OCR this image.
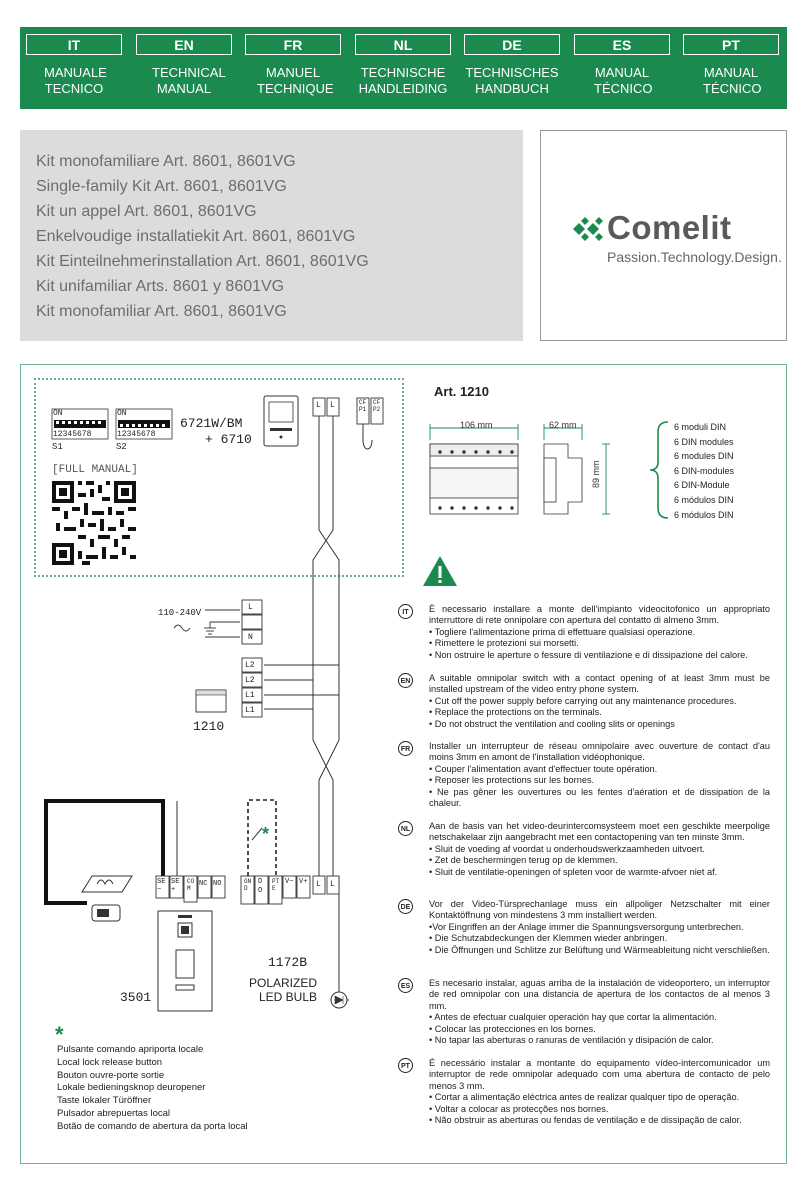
IT
MANUALE TECNICO
EN
TECHNICAL MANUAL
FR
MANUEL TECHNIQUE
NL
TECHNISCHE HANDLEIDING
DE
TECHNISCHES HANDBUCH
ES
MANUAL TÉCNICO
PT
MANUAL TÉCNICO

Kit monofamiliare Art. 8601, 8601VG

Single-family Kit Art. 8601, 8601VG

Kit un appel Art. 8601, 8601VG

Enkelvoudige installatiekit Art. 8601, 8601VG

Kit Einteilnehmerinstallation Art. 8601, 8601VG

Kit unifamiliar Arts. 8601 y 8601VG

Kit monofamiliar Art. 8601, 8601VG

Comelit
Passion.Technology.Design.
ON	ON
12345678	12345678
S1	S2
6721W/BM
+ 6710
[FULL MANUAL]
110-240V
1210
3501
1172B
POLARIZED
LED BULB
*
L L	CFP1
CFP2
L
N
L2
L2
L1
L1
SE−
SE+
COM
NC NO	GND
DO
PTE
V− V+ L L
Art. 1210
106 mm	62 mm
89 mm
6 moduli DIN
6 DIN modules
6 modules DIN
6 DIN-modules
6 DIN-Module
6 módulos DIN
6 módulos DIN
IT	È necessario installare a monte dell'impianto videocitofonico un appropriato interruttore di rete onnipolare con apertura del contatto di almeno 3mm.
• Togliere l'alimentazione prima di effettuare qualsiasi operazione.
• Rimettere le protezioni sui morsetti.
• Non ostruire le aperture o fessure di ventilazione e di dissipazione del calore.
EN A suitable omnipolar switch with a contact opening of at least 3mm must be installed upstream of the video entry phone system.
• Cut off the power supply before carrying out any maintenance procedures.
• Replace the protections on the terminals.
• Do not obstruct the ventilation and cooling slits or openings
FR	Installer un interrupteur de réseau omnipolaire avec ouverture de contact d'au moins 3mm en amont de l'installation vidéophonique.
• Couper l'alimentation avant d'effectuer toute opération.
• Reposer les protections sur les bornes.
• Ne pas gêner les ouvertures ou les fentes d'aération et de dissipation de la chaleur.
NL	Aan de basis van het video-deurintercomsysteem moet een geschikte meerpolige netschakelaar zijn aangebracht met een contactopening van ten minste 3mm.
• Sluit de voeding af voordat u onderhoudswerkzaamheden uitvoert.
• Zet de beschermingen terug op de klemmen.
• Sluit de ventilatie-openingen of spleten voor de warmte-afvoer niet af.
DE Vor der Video-Türsprechanlage muss ein allpoliger Netzschalter mit einer Kontaktöffnung von mindestens 3 mm installiert werden.
•Vor Eingriffen an der Anlage immer die Spannungsversorgung unterbrechen.
• Die Schutzabdeckungen der Klemmen wieder anbringen.
• Die Öffnungen und Schlitze zur Belüftung und Wärmeableitung nicht verschließen.
ES	Es necesario instalar, aguas arriba de la instalación de videoportero, un interruptor de red omnipolar con una distancia de apertura de los contactos de al menos 3 mm.
• Antes de efectuar cualquier operación hay que cortar la alimentación.
• Colocar las protecciones en los bornes.
• No tapar las aberturas o ranuras de ventilación y disipación de calor.
PT	É necessário instalar a montante do equipamento vídeo-intercomunicador um interruptor de rede omnipolar adequado com uma abertura de contacto de pelo menos 3 mm.
• Cortar a alimentação eléctrica antes de realizar qualquer tipo de operação.
• Voltar a colocar as protecções nos bornes.
• Não obstruir as aberturas ou fendas de ventilação e de dissipação de calor.
*
Pulsante comando apriporta locale
Local lock release button
Bouton ouvre-porte sortie
Lokale bedieningsknop deuropener
Taste lokaler Türöffner
Pulsador abrepuertas local
Botão de comando de abertura da porta local
